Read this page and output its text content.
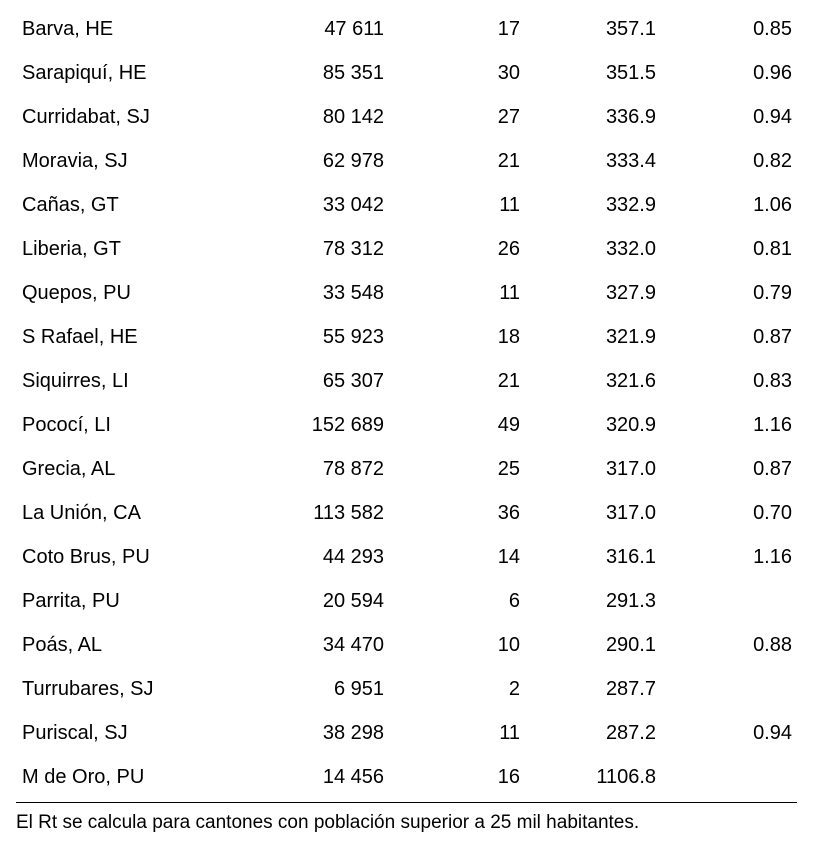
Barva, HE	47 611	17	357.1	0.85
Sarapiquí, HE	85 351	30	351.5	0.96
Curridabat, SJ	80 142	27	336.9	0.94
Moravia, SJ	62 978	21	333.4	0.82
Cañas, GT	33 042	11	332.9	1.06
Liberia, GT	78 312	26	332.0	0.81
Quepos, PU	33 548	11	327.9	0.79
S Rafael, HE	55 923	18	321.9	0.87
Siquirres, LI	65 307	21	321.6	0.83
Pococí, LI	152 689	49	320.9	1.16
Grecia, AL	78 872	25	317.0	0.87
La Unión, CA	113 582	36	317.0	0.70
Coto Brus, PU	44 293	14	316.1	1.16
Parrita, PU	20 594	6	291.3
Poás, AL	34 470	10	290.1	0.88
Turrubares, SJ	6 951	2	287.7
Puriscal, SJ	38 298	11	287.2	0.94
M de Oro, PU	14 456	16	1106.8
El Rt se calcula para cantones con población superior a 25 mil habitantes.
